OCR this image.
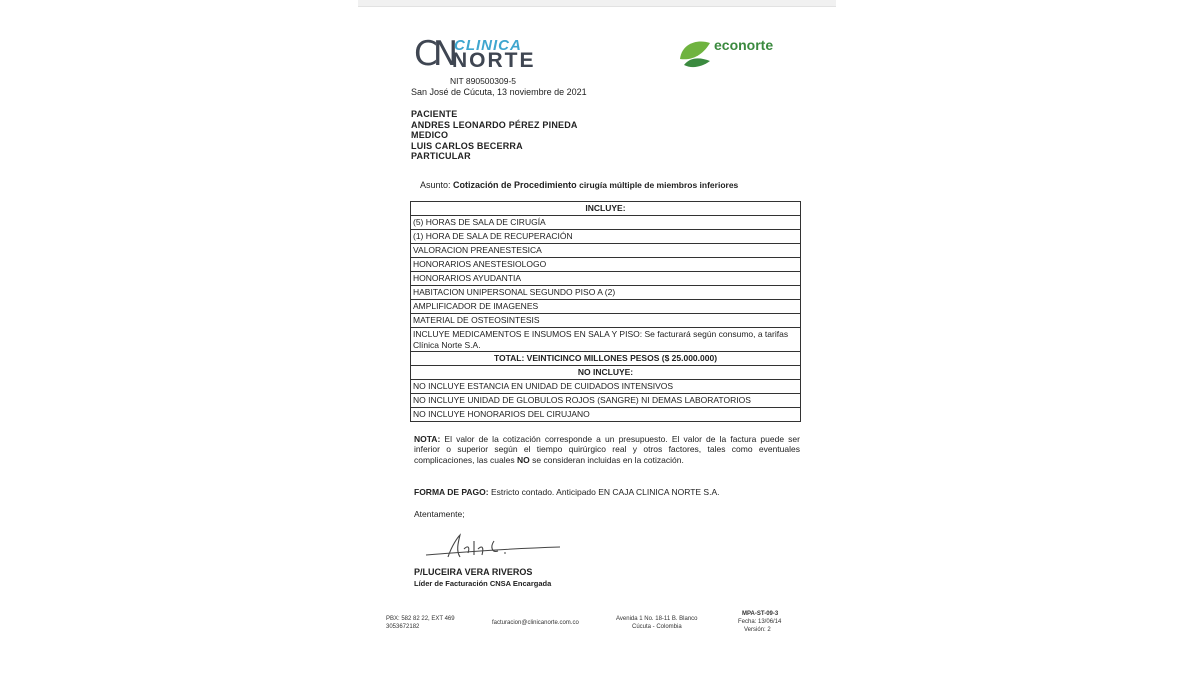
CN CLINICA
NORTE
econorte
NIT 890500309-5
San José de Cúcuta, 13 noviembre de 2021
PACIENTE
ANDRES LEONARDO PÉREZ PINEDA
MEDICO
LUIS CARLOS BECERRA
PARTICULAR
Asunto: Cotización de Procedimiento cirugía múltiple de miembros inferiores
INCLUYE:
(5) HORAS DE SALA DE CIRUGÍA
(1) HORA DE SALA DE RECUPERACIÓN
VALORACION PREANESTESICA
HONORARIOS ANESTESIOLOGO
HONORARIOS AYUDANTIA
HABITACION UNIPERSONAL SEGUNDO PISO A (2)
AMPLIFICADOR DE IMAGENES
MATERIAL DE OSTEOSINTESIS
INCLUYE MEDICAMENTOS E INSUMOS EN SALA Y PISO: Se facturará según consumo, a tarifas Clínica Norte S.A.
TOTAL: VEINTICINCO MILLONES PESOS ($ 25.000.000)
NO INCLUYE:
NO INCLUYE ESTANCIA EN UNIDAD DE CUIDADOS INTENSIVOS
NO INCLUYE UNIDAD DE GLOBULOS ROJOS (SANGRE) NI DEMAS LABORATORIOS
NO INCLUYE HONORARIOS DEL CIRUJANO
NOTA: El valor de la cotización corresponde a un presupuesto. El valor de la factura puede ser inferior o superior según el tiempo quirúrgico real y otros factores, tales como eventuales complicaciones, las cuales NO se consideran incluidas en la cotización.
FORMA DE PAGO: Estricto contado. Anticipado EN CAJA CLINICA NORTE S.A.
Atentamente;
P/LUCEIRA VERA RIVEROS
Líder de Facturación CNSA Encargada
PBX: 582 82 22, EXT 469
3053672182
facturacion@clinicanorte.com.co
Avenida 1 No. 18-11 B. Blanco
Cúcuta - Colombia
MPA-ST-09-3
Fecha: 13/06/14
Versión: 2
